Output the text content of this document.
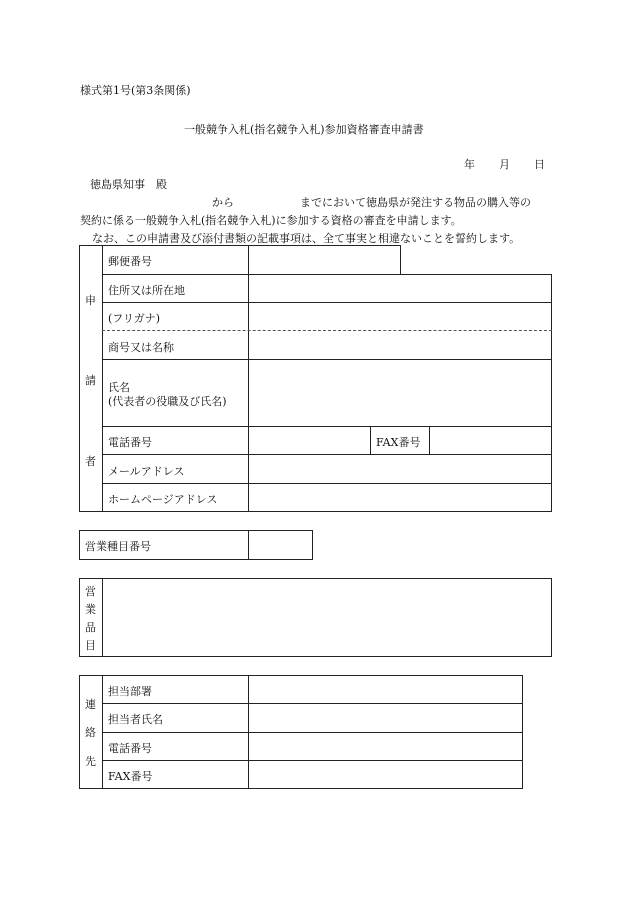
様式第1号(第3条関係)
一般競争入札(指名競争入札)参加資格審査申請書
年 月 日
徳島県知事　殿
から	までにおいて徳島県が発注する物品の購入等の
契約に係る一般競争入札(指名競争入札)に参加する資格の審査を申請します。
なお、この申請書及び添付書類の記載事項は、全て事実と相違ないことを誓約します。
申
請
者
郵便番号
住所又は所在地
(フリガナ)
商号又は名称
氏名
(代表者の役職及び氏名)
電話番号	FAX番号
メールアドレス
ホームページアドレス
営業種目番号
営
業
品
目
連
絡
先
担当部署
担当者氏名
電話番号
FAX番号
